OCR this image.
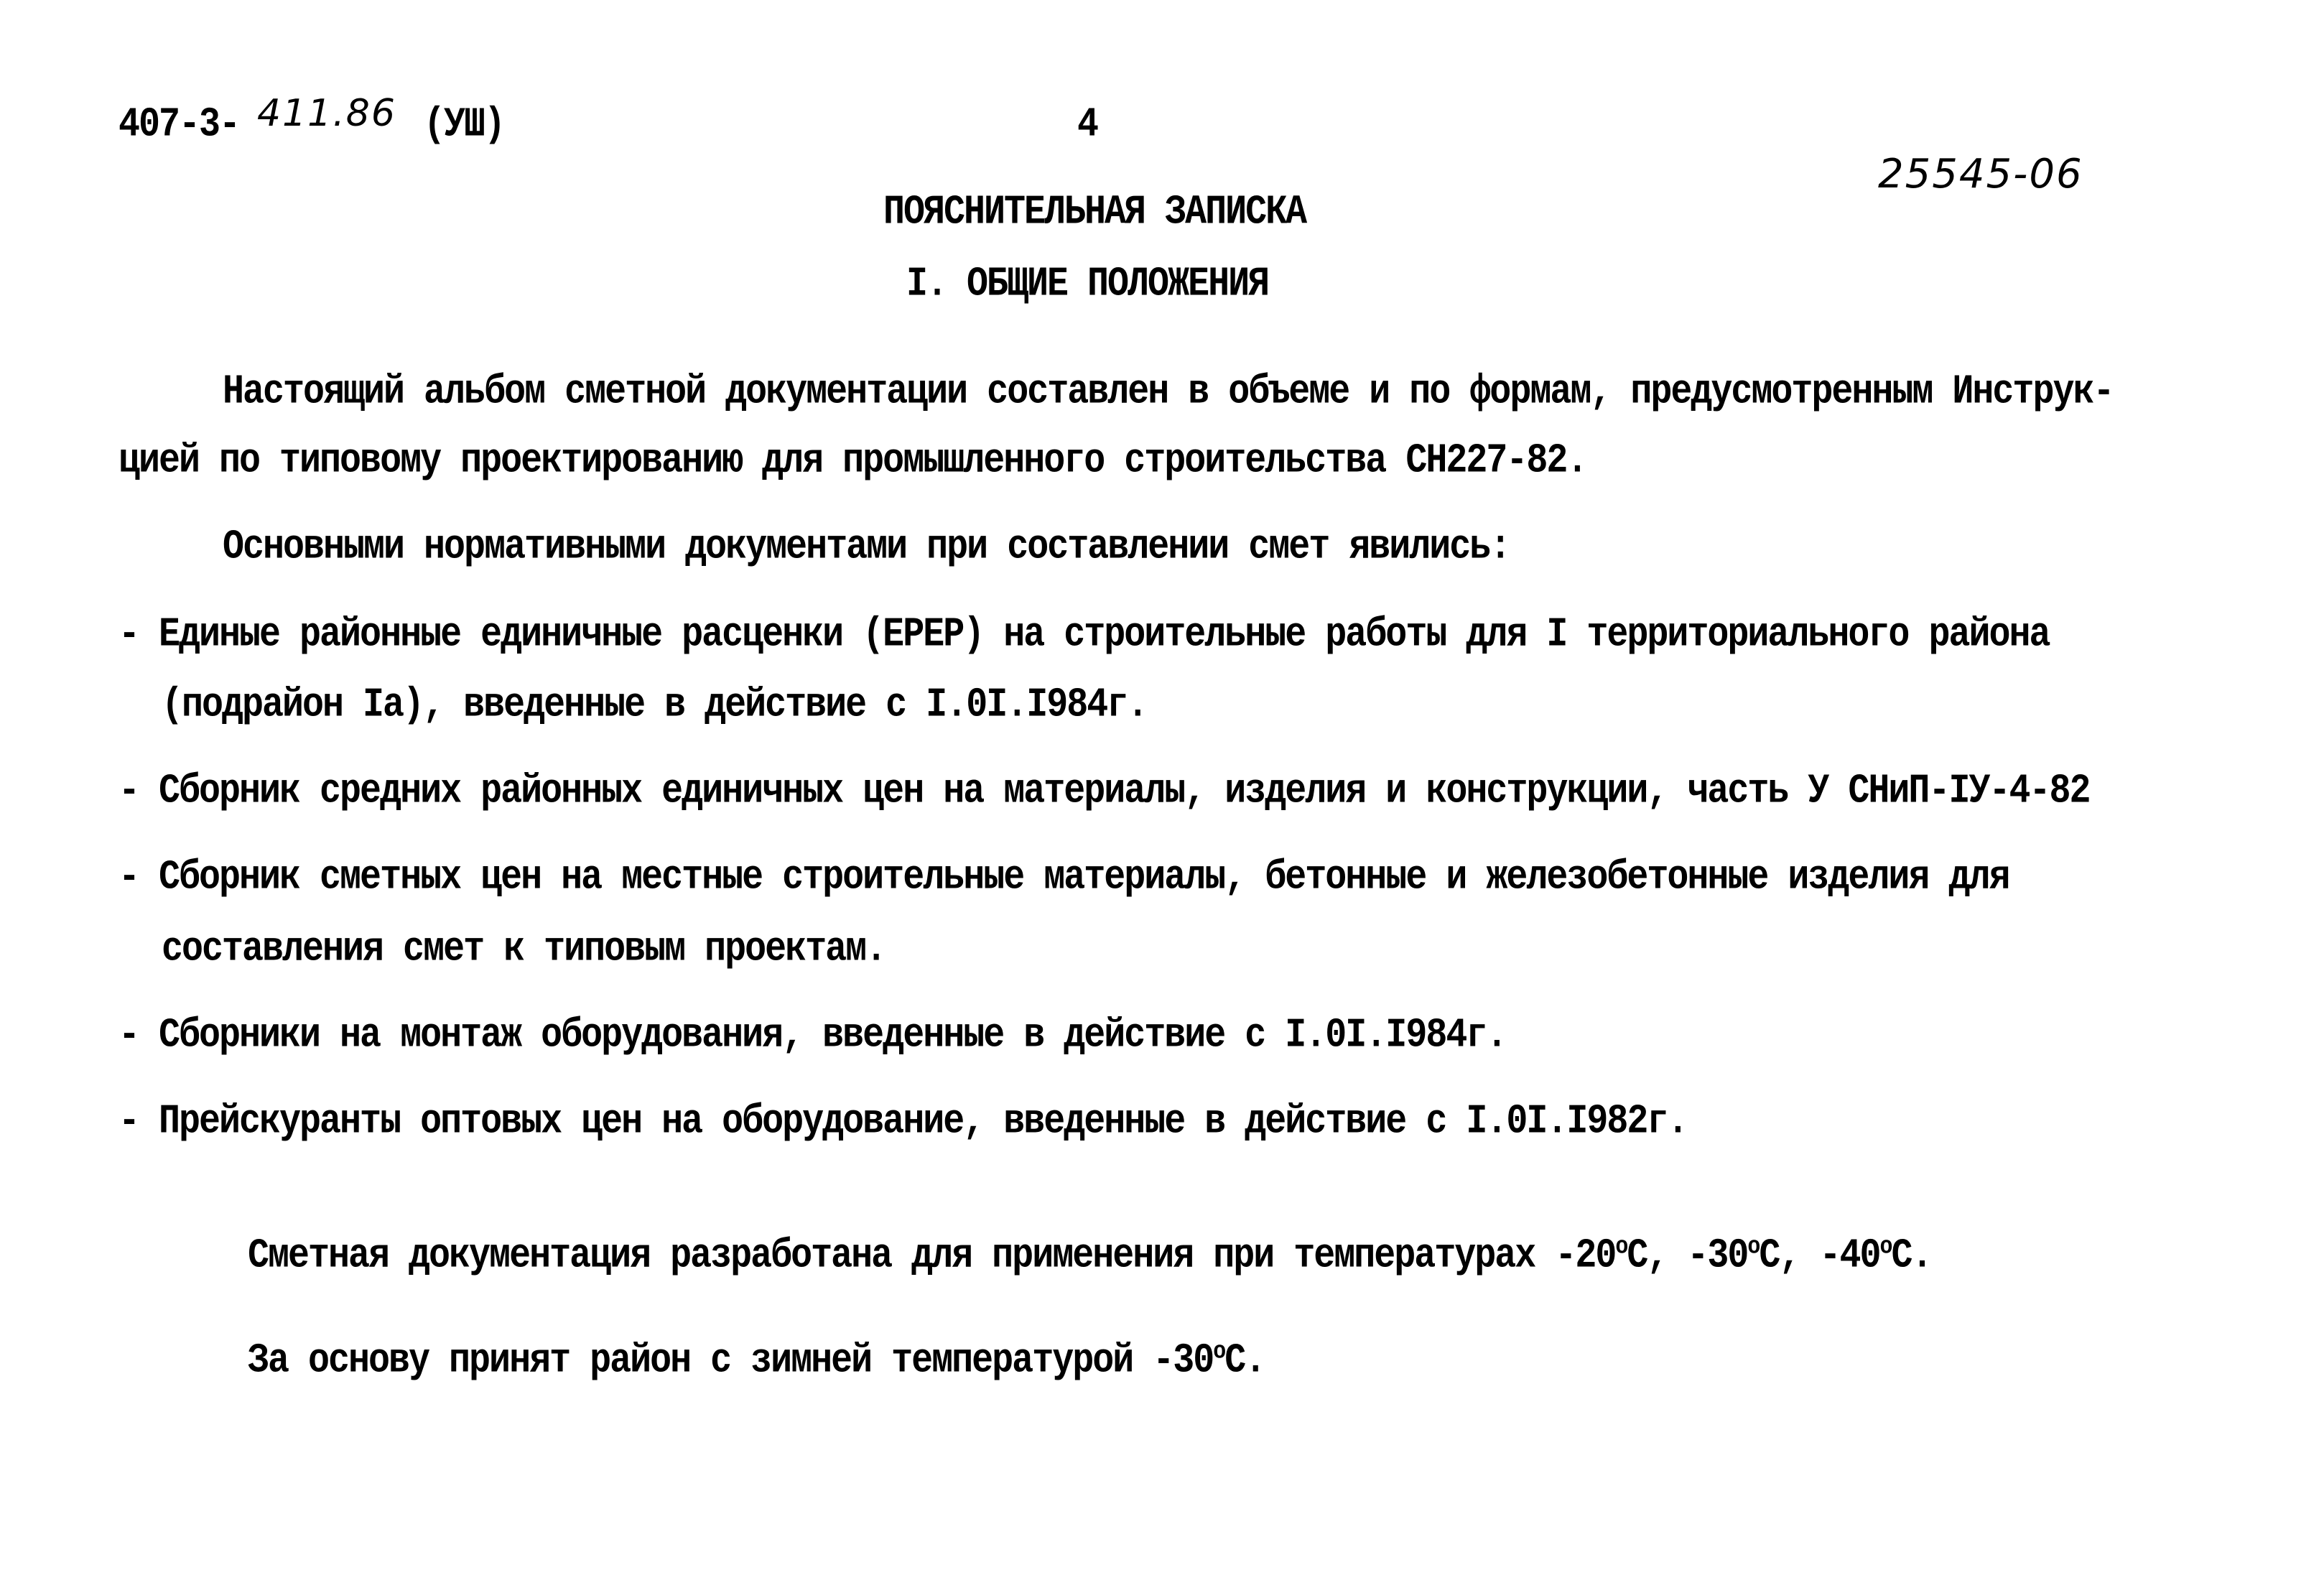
407-3- 411.86 (УШ)	4
25545-06
ПОЯСНИТЕЛЬНАЯ ЗАПИСКА
I. ОБЩИЕ ПОЛОЖЕНИЯ
Настоящий альбом сметной документации составлен в объеме и по формам, предусмотренным Инструк-
цией по типовому проектированию для промышленного строительства СН227-82.
Основными нормативными документами при составлении смет явились:
- Единые районные единичные расценки (ЕРЕР) на строительные работы для I территориального района
(подрайон Iа), введенные в действие с I.0I.I984г.
- Сборник средних районных единичных цен на материалы, изделия и конструкции, часть У СНиП-IУ-4-82
- Сборник сметных цен на местные строительные материалы, бетонные и железобетонные изделия для
составления смет к типовым проектам.
- Сборники на монтаж оборудования, введенные в действие с I.0I.I984г.
- Прейскуранты оптовых цен на оборудование, введенные в действие с I.0I.I982г.
Сметная документация разработана для применения при температурах -20$^o$С, -30$^o$С, -40$^o$С.
За основу принят район с зимней температурой -30$^o$С.
